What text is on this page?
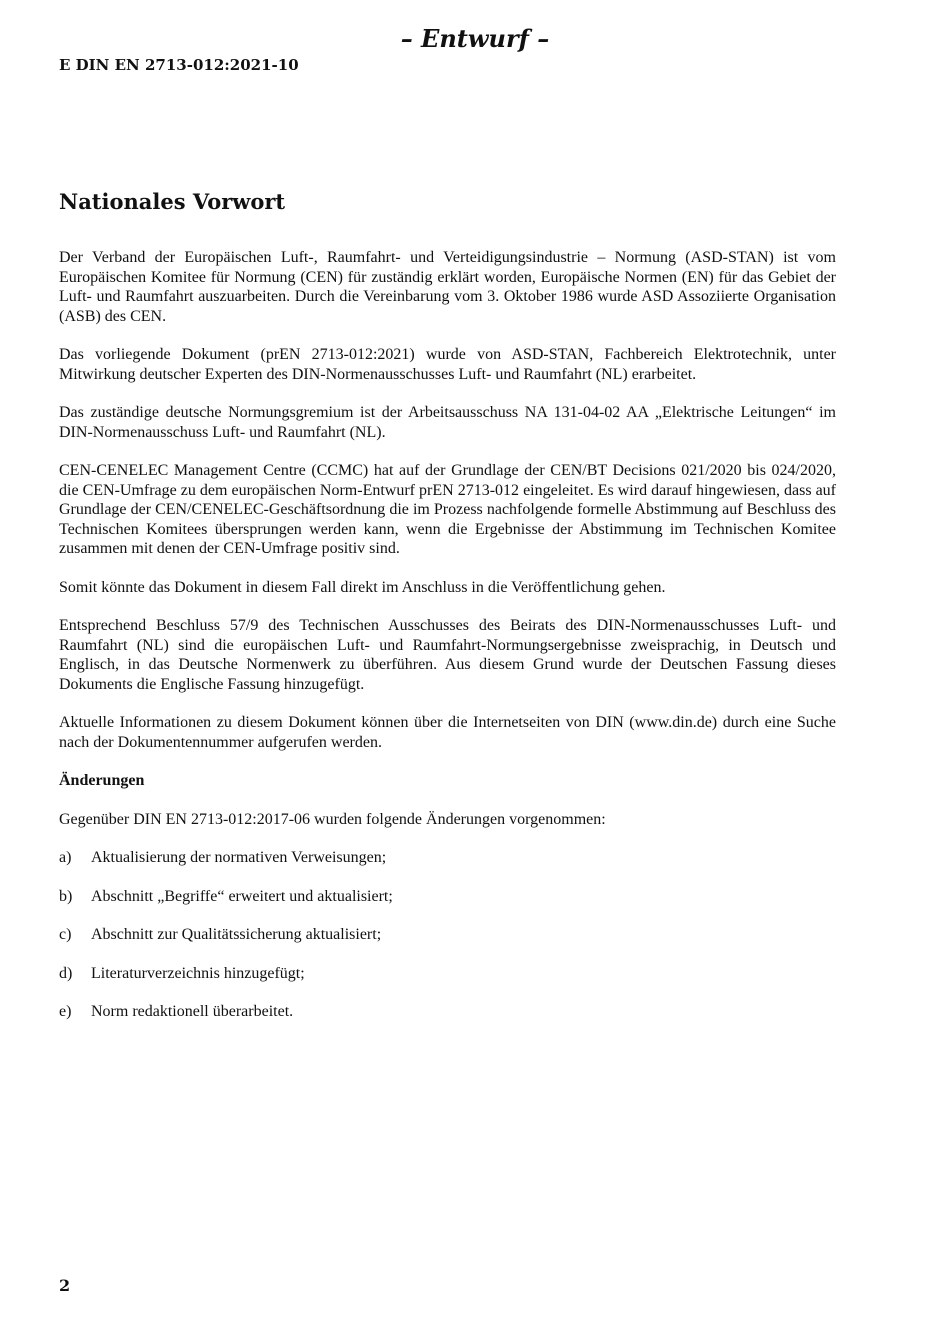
– Entwurf –

E DIN EN 2713-012:2021-10

Nationales Vorwort

Der Verband der Europäischen Luft-, Raumfahrt- und Verteidigungsindustrie – Normung (ASD-STAN) ist vom Europäischen Komitee für Normung (CEN) für zuständig erklärt worden, Europäische Normen (EN) für das Gebiet der Luft- und Raumfahrt auszuarbeiten. Durch die Vereinbarung vom 3. Oktober 1986 wurde ASD Assoziierte Organisation (ASB) des CEN.

Das vorliegende Dokument (prEN 2713-012:2021) wurde von ASD-STAN, Fachbereich Elektrotechnik, unter Mitwirkung deutscher Experten des DIN-Normenausschusses Luft- und Raumfahrt (NL) erarbeitet.

Das zuständige deutsche Normungsgremium ist der Arbeitsausschuss NA 131-04-02 AA „Elektrische Leitungen“ im DIN-Normenausschuss Luft- und Raumfahrt (NL).

CEN-CENELEC Management Centre (CCMC) hat auf der Grundlage der CEN/BT Decisions 021/2020 bis 024/2020, die CEN-Umfrage zu dem europäischen Norm-Entwurf prEN 2713-012 eingeleitet. Es wird darauf hingewiesen, dass auf Grundlage der CEN/CENELEC-Geschäftsordnung die im Prozess nachfolgende formelle Abstimmung auf Beschluss des Technischen Komitees übersprungen werden kann, wenn die Ergebnisse der Abstimmung im Technischen Komitee zusammen mit denen der CEN-Umfrage positiv sind.

Somit könnte das Dokument in diesem Fall direkt im Anschluss in die Veröffentlichung gehen.

Entsprechend Beschluss 57/9 des Technischen Ausschusses des Beirats des DIN-Normenausschusses Luft- und Raumfahrt (NL) sind die europäischen Luft- und Raumfahrt-Normungsergebnisse zweisprachig, in Deutsch und Englisch, in das Deutsche Normenwerk zu überführen. Aus diesem Grund wurde der Deutschen Fassung dieses Dokuments die Englische Fassung hinzugefügt.

Aktuelle Informationen zu diesem Dokument können über die Internetseiten von DIN (www.din.de) durch eine Suche nach der Dokumentennummer aufgerufen werden.

Änderungen

Gegenüber DIN EN 2713-012:2017-06 wurden folgende Änderungen vorgenommen:

a)	Aktualisierung der normativen Verweisungen;
b)	Abschnitt „Begriffe“ erweitert und aktualisiert;
c)	Abschnitt zur Qualitätssicherung aktualisiert;
d)	Literaturverzeichnis hinzugefügt;
e)	Norm redaktionell überarbeitet.

2
